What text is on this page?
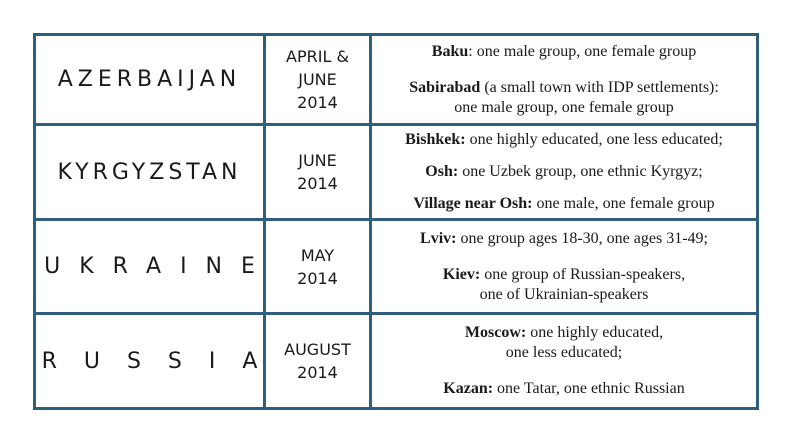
AZERBAIJAN
APRIL &
JUNE
2014
Baku: one male group, one female group
Sabirabad (a small town with IDP settlements):
one male group, one female group
KYRGYZSTAN	JUNE
2014
Bishkek: one highly educated, one less educated;
Osh: one Uzbek group, one ethnic Kyrgyz;
Village near Osh: one male, one female group
UKRAINE MAY
2014
Lviv: one group ages 18-30, one ages 31-49;
Kiev: one group of Russian-speakers,
one of Ukrainian-speakers
RUSSIA AUGUST
2014
Moscow: one highly educated,
one less educated;
Kazan: one Tatar, one ethnic Russian
